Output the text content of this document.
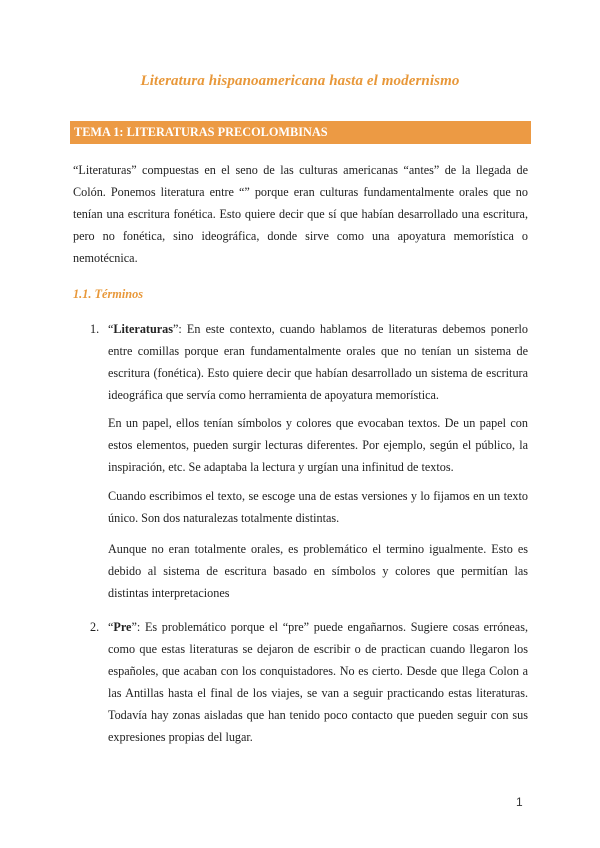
Literatura hispanoamericana hasta el modernismo
TEMA 1: LITERATURAS PRECOLOMBINAS

“Literaturas” compuestas en el seno de las culturas americanas “antes” de la llegada de Colón. Ponemos literatura entre “” porque eran culturas fundamentalmente orales que no tenían una escritura fonética. Esto quiere decir que sí que habían desarrollado una escritura, pero no fonética, sino ideográfica, donde sirve como una apoyatura memorística o nemotécnica.

1.1. Términos
1. “Literaturas”: En este contexto, cuando hablamos de literaturas debemos ponerlo entre comillas porque eran fundamentalmente orales que no tenían un sistema de escritura (fonética). Esto quiere decir que habían desarrollado un sistema de escritura ideográfica que servía como herramienta de apoyatura memorística.

En un papel, ellos tenían símbolos y colores que evocaban textos. De un papel con estos elementos, pueden surgir lecturas diferentes. Por ejemplo, según el público, la inspiración, etc. Se adaptaba la lectura y urgían una infinitud de textos.

Cuando escribimos el texto, se escoge una de estas versiones y lo fijamos en un texto único. Son dos naturalezas totalmente distintas.

Aunque no eran totalmente orales, es problemático el termino igualmente. Esto es debido al sistema de escritura basado en símbolos y colores que permitían las distintas interpretaciones

2. “Pre”: Es problemático porque el “pre” puede engañarnos. Sugiere cosas erróneas, como que estas literaturas se dejaron de escribir o de practican cuando llegaron los españoles, que acaban con los conquistadores. No es cierto. Desde que llega Colon a las Antillas hasta el final de los viajes, se van a seguir practicando estas literaturas. Todavía hay zonas aisladas que han tenido poco contacto que pueden seguir con sus expresiones propias del lugar.

1
